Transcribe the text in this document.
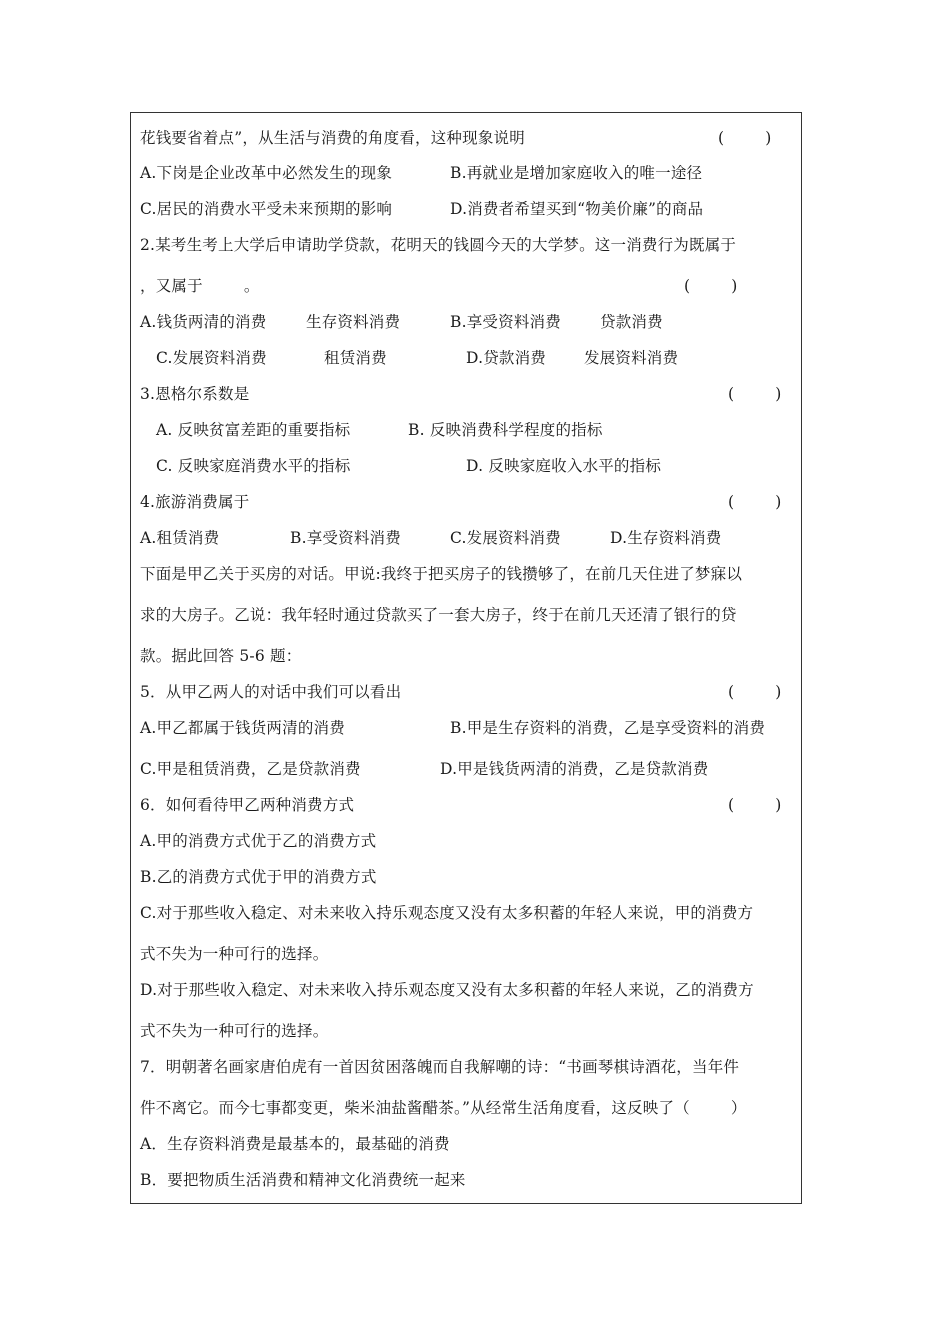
花钱要省着点”，从生活与消费的角度看，这种现象说明	(        )
A.下岗是企业改革中必然发生的现象	B.再就业是增加家庭收入的唯一途径
C.居民的消费水平受未来预期的影响	D.消费者希望买到“物美价廉”的商品
2.某考生考上大学后申请助学贷款，花明天的钱圆今天的大学梦。这一消费行为既属于
，又属于        。	(        )
A.钱货两清的消费	生存资料消费	B.享受资料消费	贷款消费
C.发展资料消费	租赁消费	D.贷款消费 发展资料消费
3.恩格尔系数是	(        )
A. 反映贫富差距的重要指标	B. 反映消费科学程度的指标
C. 反映家庭消费水平的指标	D. 反映家庭收入水平的指标
4.旅游消费属于	(        )
A.租赁消费	B.享受资料消费	C.发展资料消费	D.生存资料消费
下面是甲乙关于买房的对话。甲说:我终于把买房子的钱攒够了，在前几天住进了梦寐以
求的大房子。乙说：我年轻时通过贷款买了一套大房子，终于在前几天还清了银行的贷
款。据此回答 5-6 题：
5．从甲乙两人的对话中我们可以看出	(        )
A.甲乙都属于钱货两清的消费	B.甲是生存资料的消费，乙是享受资料的消费
C.甲是租赁消费，乙是贷款消费	D.甲是钱货两清的消费，乙是贷款消费
6．如何看待甲乙两种消费方式	(        )
A.甲的消费方式优于乙的消费方式
B.乙的消费方式优于甲的消费方式
C.对于那些收入稳定、对未来收入持乐观态度又没有太多积蓄的年轻人来说，甲的消费方
式不失为一种可行的选择。
D.对于那些收入稳定、对未来收入持乐观态度又没有太多积蓄的年轻人来说，乙的消费方
式不失为一种可行的选择。
7．明朝著名画家唐伯虎有一首因贫困落魄而自我解嘲的诗：“书画琴棋诗酒花，当年件
件不离它。而今七事都变更，柴米油盐酱醋茶。”从经常生活角度看，这反映了（        ）
A．生存资料消费是最基本的，最基础的消费
B．要把物质生活消费和精神文化消费统一起来
